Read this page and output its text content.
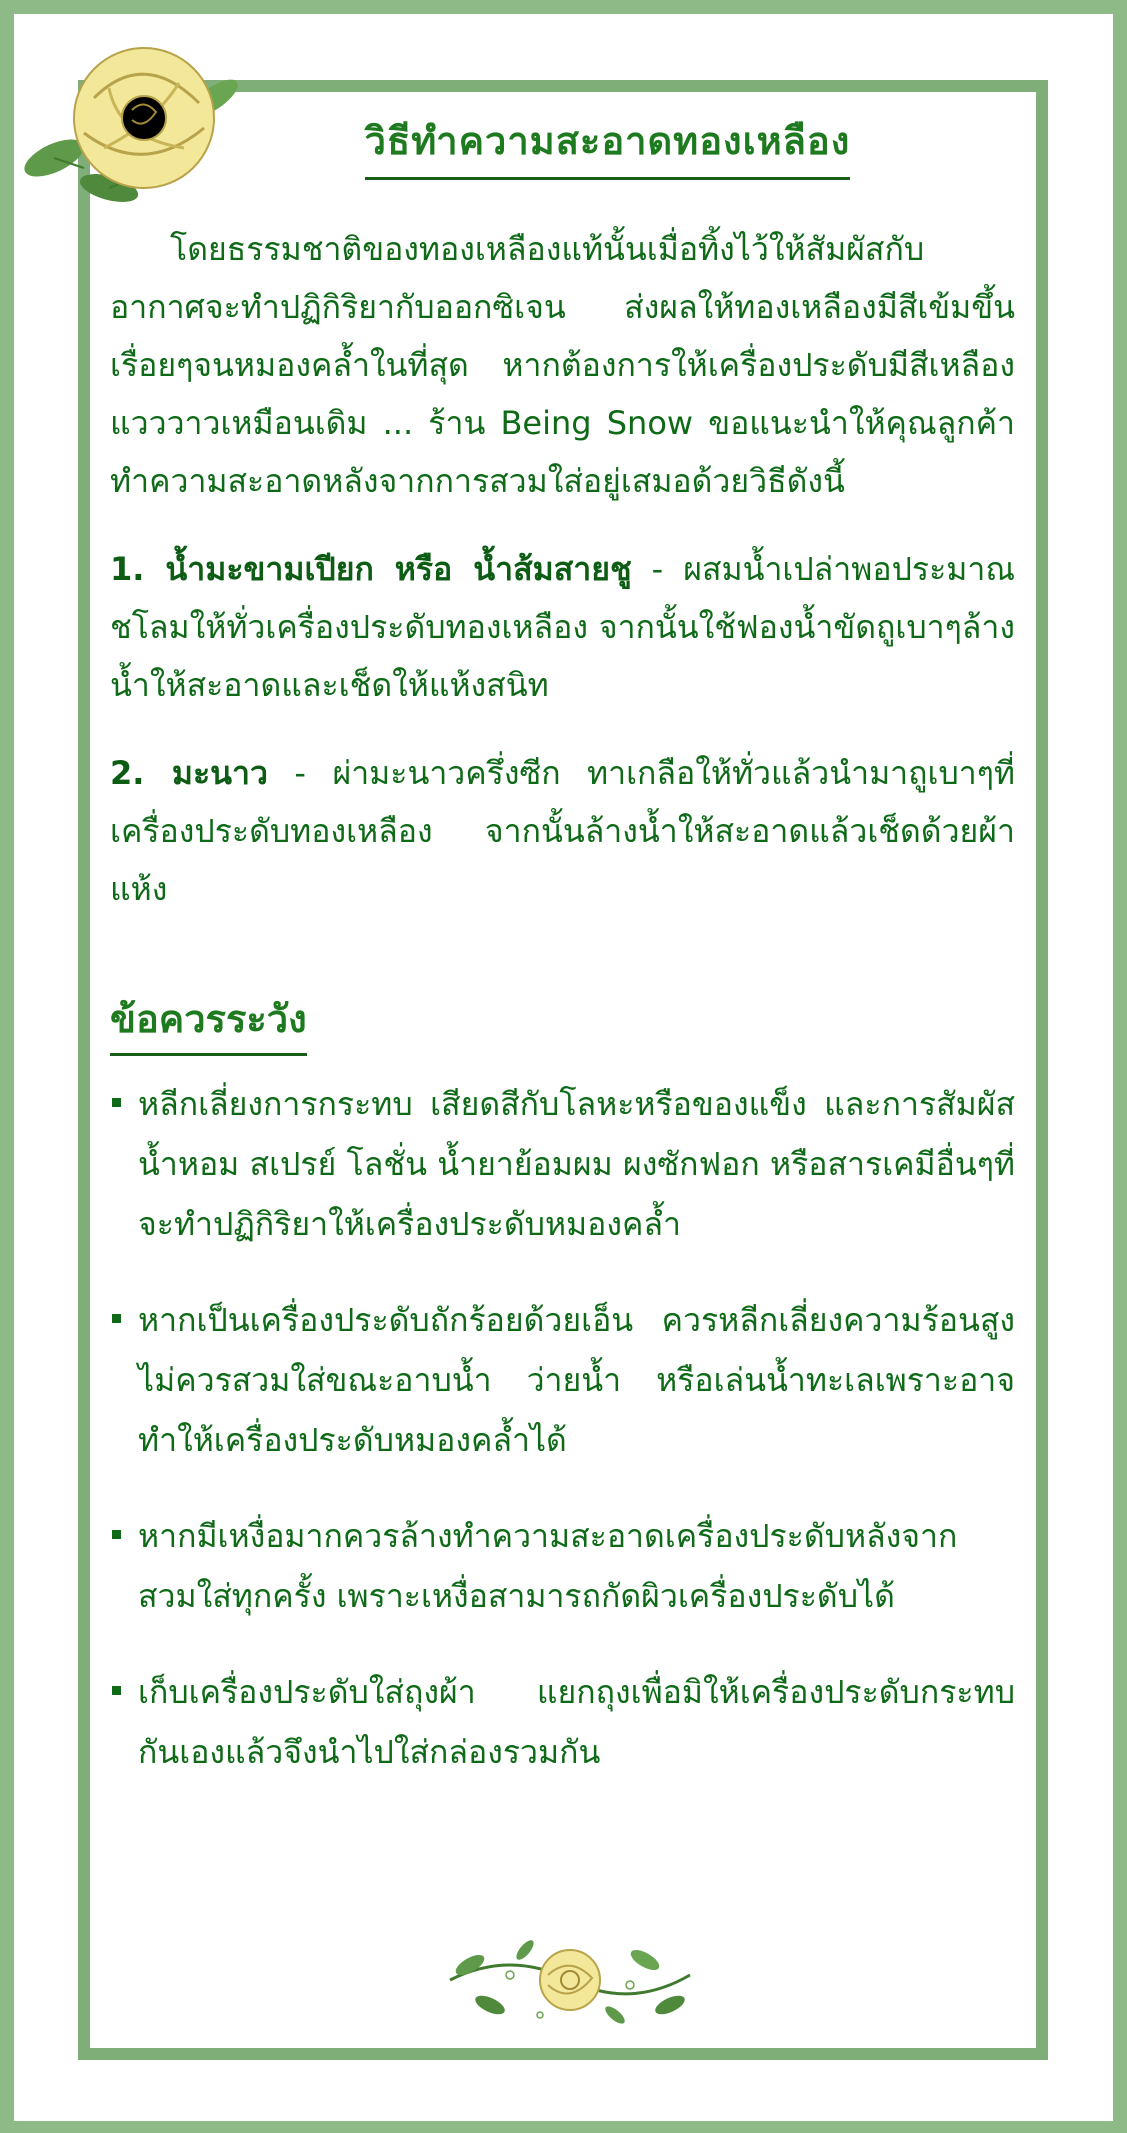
วิธีทำความสะอาดทองเหลือง

โดยธรรมชาติของทองเหลืองแท้นั้นเมื่อทิ้งไว้ให้สัมผัสกับอากาศจะทำปฏิกิริยากับออกซิเจน ส่งผลให้ทองเหลืองมีสีเข้มขึ้นเรื่อยๆจนหมองคล้ำในที่สุด หากต้องการให้เครื่องประดับมีสีเหลืองแวววาวเหมือนเดิม ... ร้าน Being Snow ขอแนะนำให้คุณลูกค้าทำความสะอาดหลังจากการสวมใส่อยู่เสมอด้วยวิธีดังนี้

1. น้ำมะขามเปียก หรือ น้ำส้มสายชู - ผสมน้ำเปล่าพอประมาณชโลมให้ทั่วเครื่องประดับทองเหลือง จากนั้นใช้ฟองน้ำขัดถูเบาๆล้างน้ำให้สะอาดและเช็ดให้แห้งสนิท

2. มะนาว - ผ่ามะนาวครึ่งซีก ทาเกลือให้ทั่วแล้วนำมาถูเบาๆที่เครื่องประดับทองเหลือง จากนั้นล้างน้ำให้สะอาดแล้วเช็ดด้วยผ้าแห้ง

ข้อควรระวัง

หลีกเลี่ยงการกระทบ เสียดสีกับโลหะหรือของแข็ง และการสัมผัสน้ำหอม สเปรย์ โลชั่น น้ำยาย้อมผม ผงซักฟอก หรือสารเคมีอื่นๆที่จะทำปฏิกิริยาให้เครื่องประดับหมองคล้ำ

หากเป็นเครื่องประดับถักร้อยด้วยเอ็น ควรหลีกเลี่ยงความร้อนสูง ไม่ควรสวมใส่ขณะอาบน้ำ ว่ายน้ำ หรือเล่นน้ำทะเลเพราะอาจทำให้เครื่องประดับหมองคล้ำได้

หากมีเหงื่อมากควรล้างทำความสะอาดเครื่องประดับหลังจากสวมใส่ทุกครั้ง เพราะเหงื่อสามารถกัดผิวเครื่องประดับได้

เก็บเครื่องประดับใส่ถุงผ้า แยกถุงเพื่อมิให้เครื่องประดับกระทบกันเองแล้วจึงนำไปใส่กล่องรวมกัน
